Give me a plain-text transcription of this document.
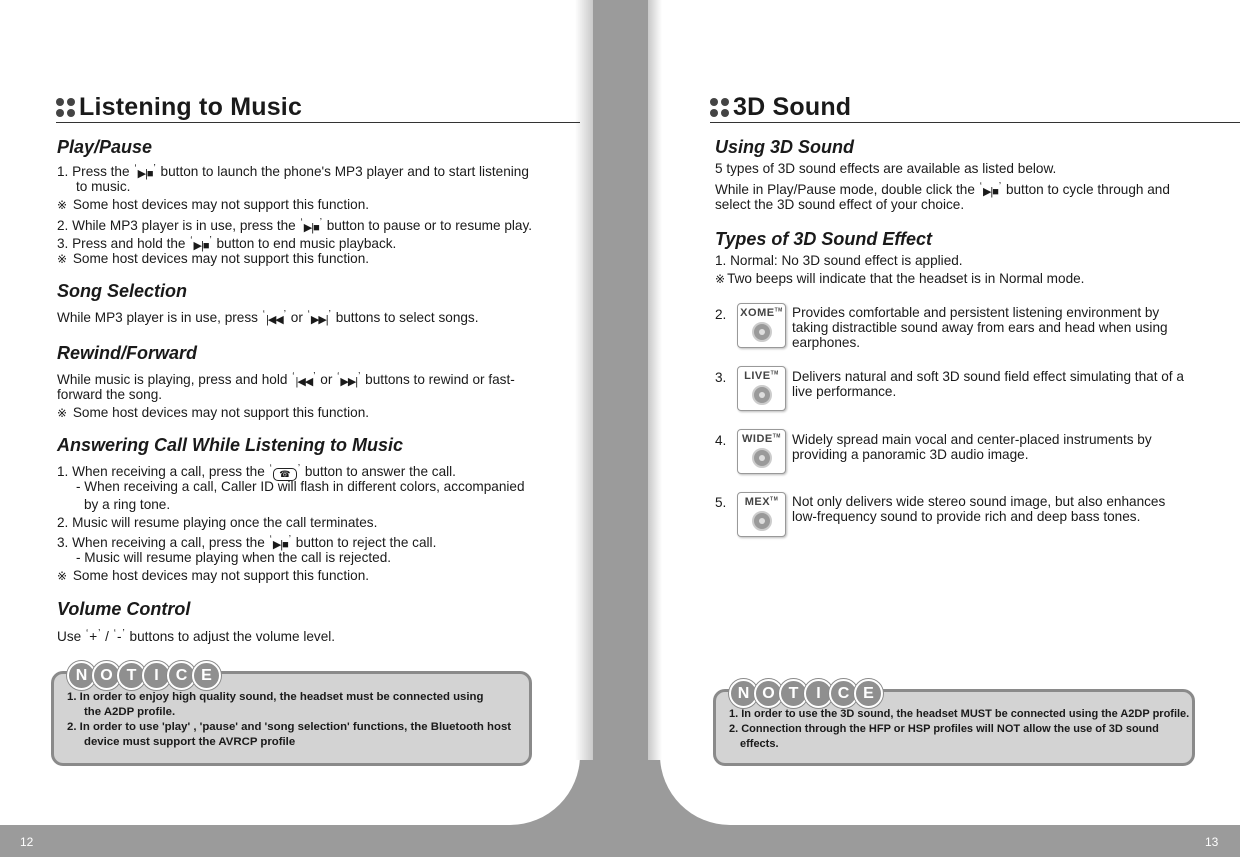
12	13
Listening to Music
Play/Pause
1. Press the ‘▶|■’ button to launch the phone's MP3 player and to start listening
to music.
※ Some host devices may not support this function.
2. While MP3 player is in use, press the ‘▶|■’ button to pause or to resume play.
3. Press and hold the ‘▶|■’ button to end music playback.
※ Some host devices may not support this function.
Song Selection
While MP3 player is in use, press ‘|◀◀’ or ‘▶▶|’ buttons to select songs.
Rewind/Forward
While music is playing, press and hold ‘|◀◀’ or ‘▶▶|’ buttons to rewind or fast-
forward the song.
※ Some host devices may not support this function.
Answering Call While Listening to Music
1. When receiving a call, press the ‘ ☎ ’ button to answer the call.
- When receiving a call, Caller ID will flash in different colors, accompanied
by a ring tone.
2. Music will resume playing once the call terminates.
3. When receiving a call, press the ‘▶|■’ button to reject the call.
- Music will resume playing when the call is rejected.
※ Some host devices may not support this function.
Volume Control
Use ‘+’ / ‘-’ buttons to adjust the volume level.
N O T	I	C E
1. In order to enjoy high quality sound, the headset must be connected using
the A2DP profile.
2. In order to use 'play' , 'pause' and 'song selection' functions, the Bluetooth host
device must support the AVRCP profile
3D Sound
Using 3D Sound
5 types of 3D sound effects are available as listed below.
While in Play/Pause mode, double click the ‘▶|■’ button to cycle through and
select the 3D sound effect of your choice.
Types of 3D Sound Effect
1. Normal: No 3D sound effect is applied.
※ Two beeps will indicate that the headset is in Normal mode.
2. XOME™ Provides comfortable and persistent listening environment by
taking distractible sound away from ears and head when using
earphones.
3.	LIVE™ Delivers natural and soft 3D sound field effect simulating that of a
live performance.
4.	WIDE™ Widely spread main vocal and center-placed instruments by
providing a panoramic 3D audio image.
5.	MEX™	Not only delivers wide stereo sound image, but also enhances
low-frequency sound to provide rich and deep bass tones.
N O T	I	C E
1. In order to use the 3D sound, the headset MUST be connected using the A2DP profile.
2. Connection through the HFP or HSP profiles will NOT allow the use of 3D sound
effects.
